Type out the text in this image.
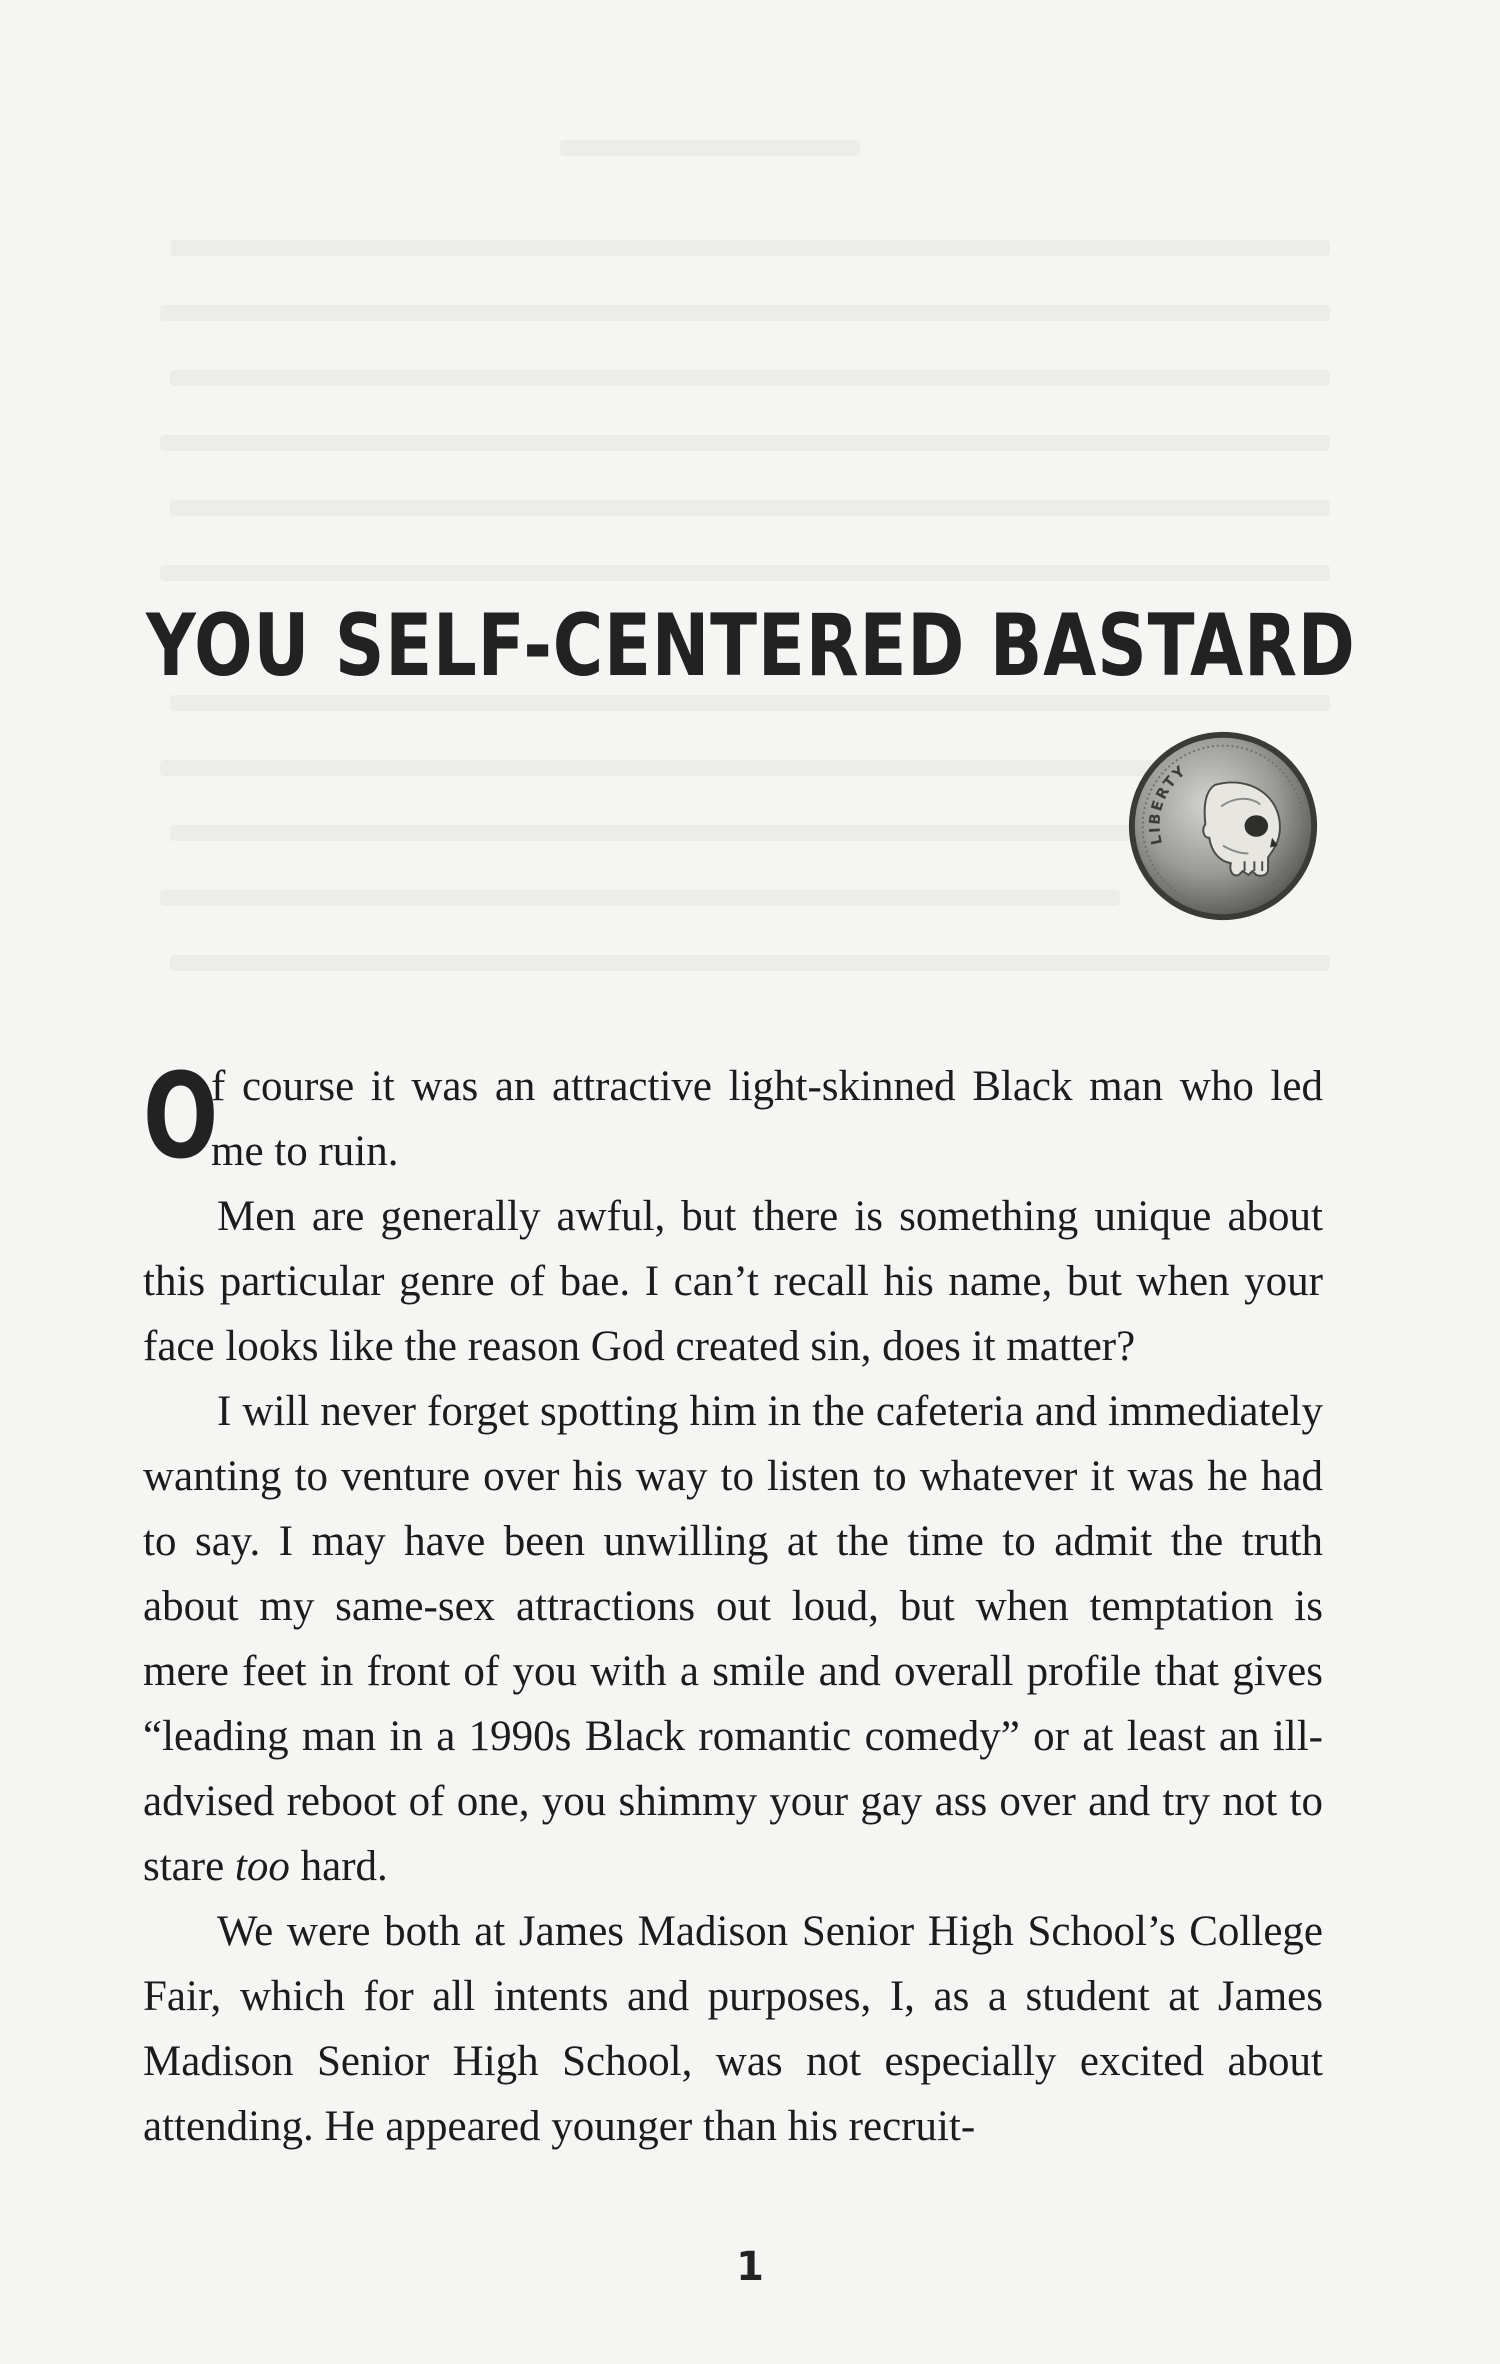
YOU SELF-CENTERED BASTARD
LIBERTY

O
f course it was an attractive light-skinned Black man who led me to ruin.

Men are generally awful, but there is something unique about this particular genre of bae. I can’t recall his name, but when your face looks like the reason God created sin, does it matter?

I will never forget spotting him in the cafeteria and immediately wanting to venture over his way to listen to whatever it was he had to say. I may have been unwilling at the time to admit the truth about my same-sex attractions out loud, but when temptation is mere feet in front of you with a smile and overall profile that gives “leading man in a 1990s Black romantic comedy” or at least an ill-advised reboot of one, you shimmy your gay ass over and try not to stare too hard.

We were both at James Madison Senior High School’s College Fair, which for all intents and purposes, I, as a student at James Madison Senior High School, was not especially excited about attending. He appeared younger than his recruit-

1
